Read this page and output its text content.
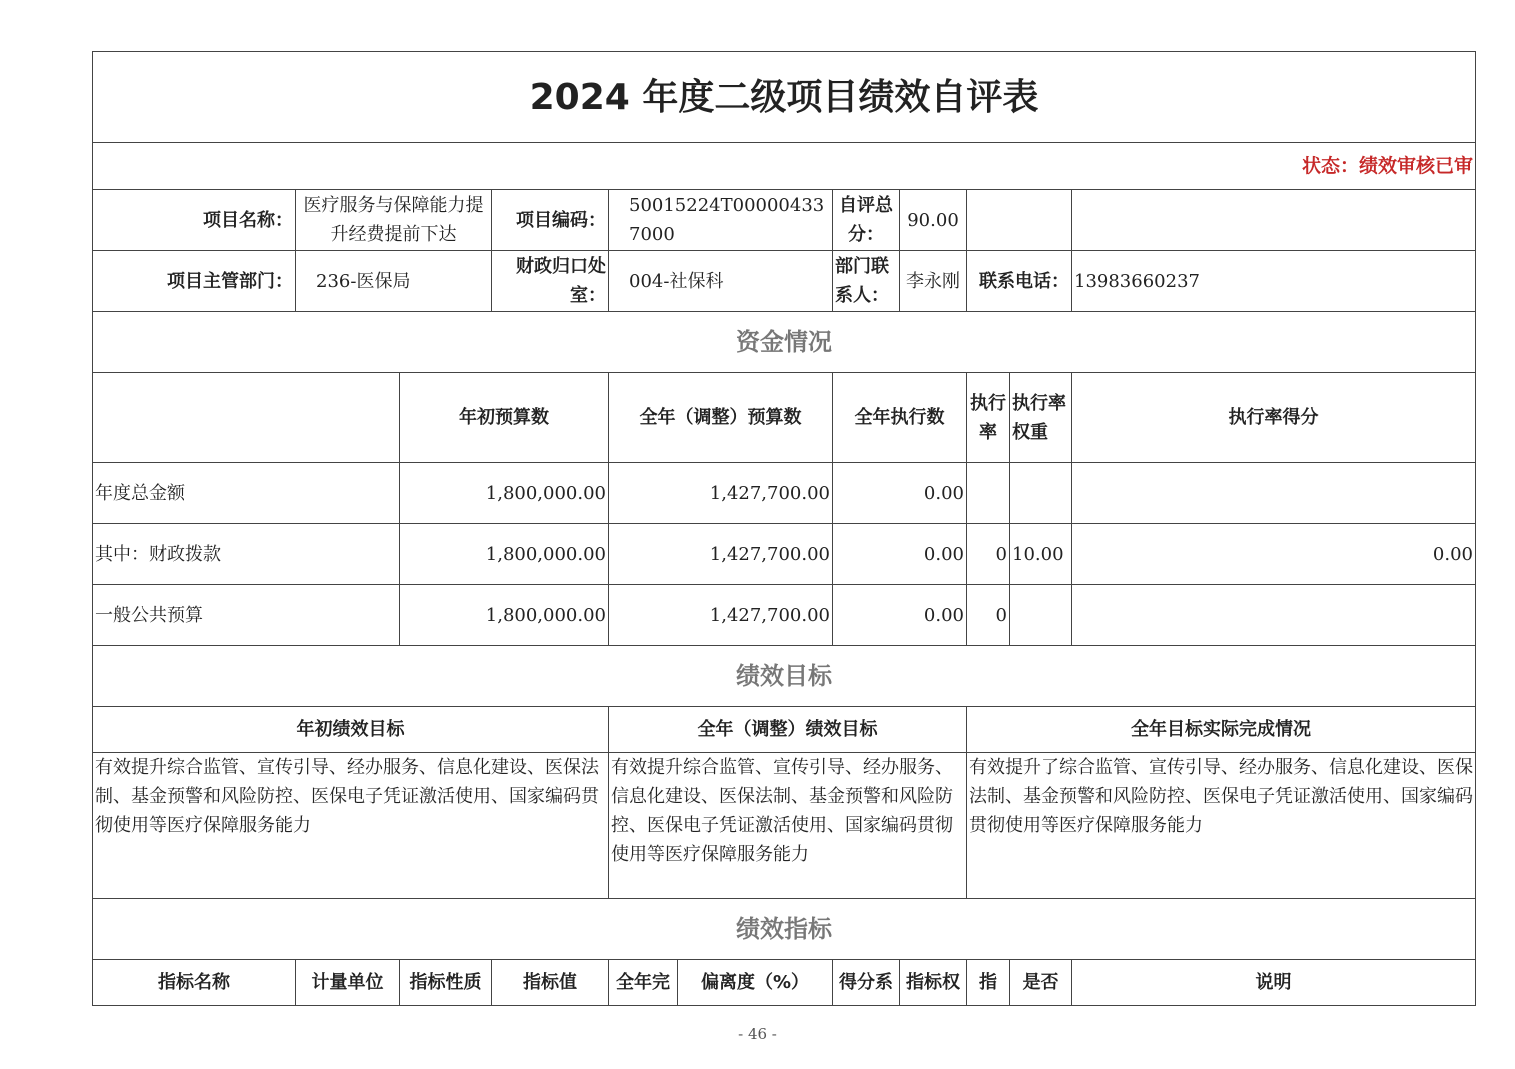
2024 年度二级项目绩效自评表										
状态：绩效审核已审										
项目名称：	医疗服务与保障能力提升经费提前下达		项目编码：	50015224T000004337000		自评总分：	90.00			
项目主管部门：	236-医保局		财政归口处室：	004-社保科		部门联系人：	李永刚	联系电话：		13983660237
资金情况										
		年初预算数		全年（调整）预算数		全年执行数		执行率	执行率权重	执行率得分
年度总金额		1,800,000.00		1,427,700.00		0.00				
其中：财政拨款		1,800,000.00		1,427,700.00		0.00		0	10.00	0.00
一般公共预算		1,800,000.00		1,427,700.00		0.00		0		
绩效目标										
年初绩效目标				全年（调整）绩效目标				全年目标实际完成情况		
有效提升综合监管、宣传引导、经办服务、信息化建设、医保法制、基金预警和风险防控、医保电子凭证激活使用、国家编码贯彻使用等医疗保障服务能力				有效提升综合监管、宣传引导、经办服务、信息化建设、医保法制、基金预警和风险防控、医保电子凭证激活使用、国家编码贯彻使用等医疗保障服务能力				有效提升了综合监管、宣传引导、经办服务、信息化建设、医保法制、基金预警和风险防控、医保电子凭证激活使用、国家编码贯彻使用等医疗保障服务能力		
绩效指标										
指标名称	计量单位	指标性质	指标值	全年完	偏离度（%）	得分系	指标权	指	是否	说明
- 46 -
